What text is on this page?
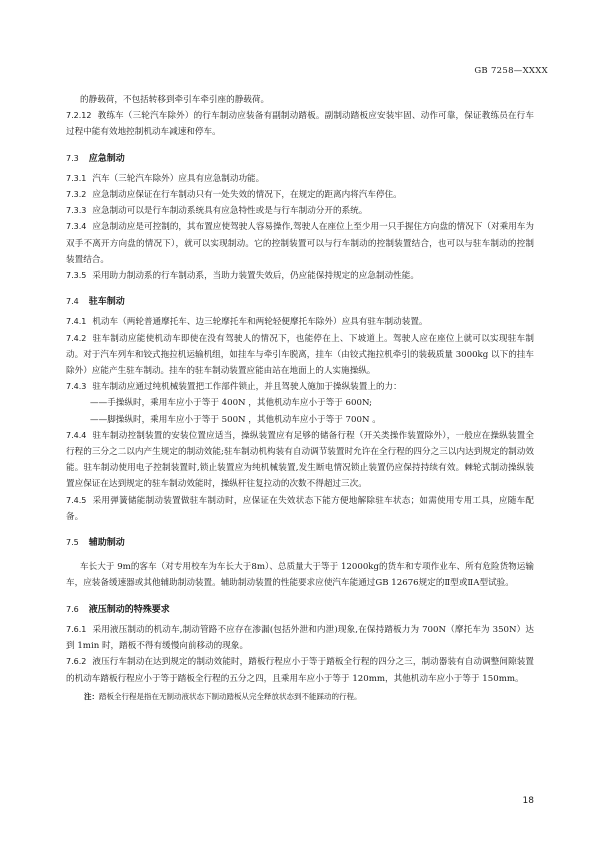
GB 7258—XXXX

的静载荷，不包括转移到牵引车牵引座的静载荷。

7.2.12 教练车（三轮汽车除外）的行车制动应装备有副制动踏板。副制动踏板应安装牢固、动作可靠，保证教练员在行车过程中能有效地控制机动车减速和停车。

7.3 应急制动

7.3.1 汽车（三轮汽车除外）应具有应急制动功能。

7.3.2 应急制动应保证在行车制动只有一处失效的情况下，在规定的距离内将汽车停住。

7.3.3 应急制动可以是行车制动系统具有应急特性或是与行车制动分开的系统。

7.3.4 应急制动应是可控制的，其布置应使驾驶人容易操作,驾驶人在座位上至少用一只手握住方向盘的情况下（对乘用车为双手不离开方向盘的情况下），就可以实现制动。它的控制装置可以与行车制动的控制装置结合，也可以与驻车制动的控制装置结合。

7.3.5 采用助力制动系的行车制动系，当助力装置失效后，仍应能保持规定的应急制动性能。

7.4 驻车制动

7.4.1 机动车（两轮普通摩托车、边三轮摩托车和两轮轻便摩托车除外）应具有驻车制动装置。

7.4.2 驻车制动应能使机动车即使在没有驾驶人的情况下，也能停在上、下坡道上。驾驶人应在座位上就可以实现驻车制动。对于汽车列车和铰式拖拉机运输机组，如挂车与牵引车脱离，挂车（由铰式拖拉机牵引的装载质量 3000kg 以下的挂车除外）应能产生驻车制动。挂车的驻车制动装置应能由站在地面上的人实施操纵。

7.4.3 驻车制动应通过纯机械装置把工作部件锁止，并且驾驶人施加于操纵装置上的力：

——手操纵时，乘用车应小于等于 400N ，其他机动车应小于等于 600N;

——脚操纵时，乘用车应小于等于 500N ，其他机动车应小于等于 700N 。

7.4.4 驻车制动控制装置的安装位置应适当，操纵装置应有足够的储备行程（开关类操作装置除外），一般应在操纵装置全行程的三分之二以内产生规定的制动效能;驻车制动机构装有自动调节装置时允许在全行程的四分之三以内达到规定的制动效能。驻车制动使用电子控制装置时,锁止装置应为纯机械装置,发生断电情况锁止装置仍应保持持续有效。棘轮式制动操纵装置应保证在达到规定的驻车制动效能时，操纵杆往复拉动的次数不得超过三次。

7.4.5 采用弹簧储能制动装置做驻车制动时，应保证在失效状态下能方便地解除驻车状态；如需使用专用工具，应随车配备。

7.5 辅助制动

车长大于 9m的客车（对专用校车为车长大于8m）、总质量大于等于 12000kg的货车和专项作业车、所有危险货物运输车，应装备缓速器或其他辅助制动装置。辅助制动装置的性能要求应使汽车能通过GB 12676规定的Ⅱ型或ⅡA型试验。

7.6 液压制动的特殊要求

7.6.1 采用液压制动的机动车,制动管路不应存在渗漏(包括外泄和内泄)现象,在保持踏板力为 700N（摩托车为 350N）达到 1min 时，踏板不得有缓慢向前移动的现象。

7.6.2 液压行车制动在达到规定的制动效能时，踏板行程应小于等于踏板全行程的四分之三，制动器装有自动调整间隙装置的机动车踏板行程应小于等于踏板全行程的五分之四，且乘用车应小于等于 120mm，其他机动车应小于等于 150mm。

注：踏板全行程是指在无制动液状态下制动踏板从完全释放状态到不能踩动的行程。

18
